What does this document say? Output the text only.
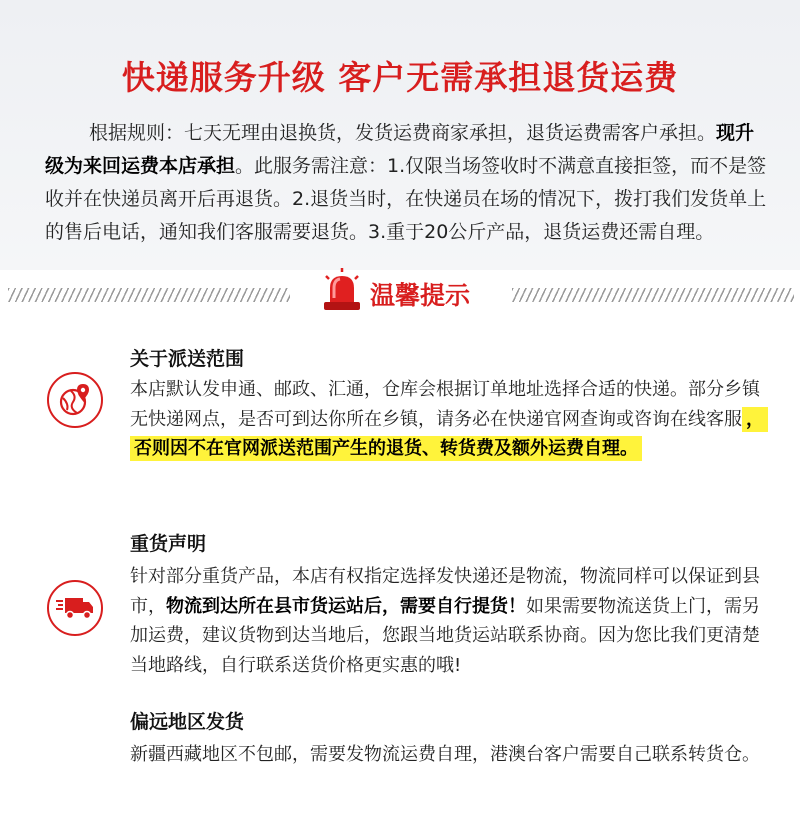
快递服务升级 客户无需承担退货运费
根据规则：七天无理由退换货，发货运费商家承担，退货运费需客户承担。现升级为来回运费本店承担。此服务需注意：1.仅限当场签收时不满意直接拒签，而不是签收并在快递员离开后再退货。2.退货当时，在快递员在场的情况下，拨打我们发货单上的售后电话，通知我们客服需要退货。3.重于20公斤产品，退货运费还需自理。
温馨提示
关于派送范围
本店默认发申通、邮政、汇通，仓库会根据订单地址选择合适的快递。部分乡镇无快递网点，是否可到达你所在乡镇，请务必在快递官网查询或咨询在线客服 ，否则因不在官网派送范围产生的退货、转货费及额外运费自理。
重货声明
针对部分重货产品，本店有权指定选择发快递还是物流，物流同样可以保证到县市，物流到达所在县市货运站后，需要自行提货！如果需要物流送货上门，需另加运费，建议货物到达当地后，您跟当地货运站联系协商。因为您比我们更清楚当地路线，自行联系送货价格更实惠的哦!
偏远地区发货
新疆西藏地区不包邮，需要发物流运费自理，港澳台客户需要自己联系转货仓。
